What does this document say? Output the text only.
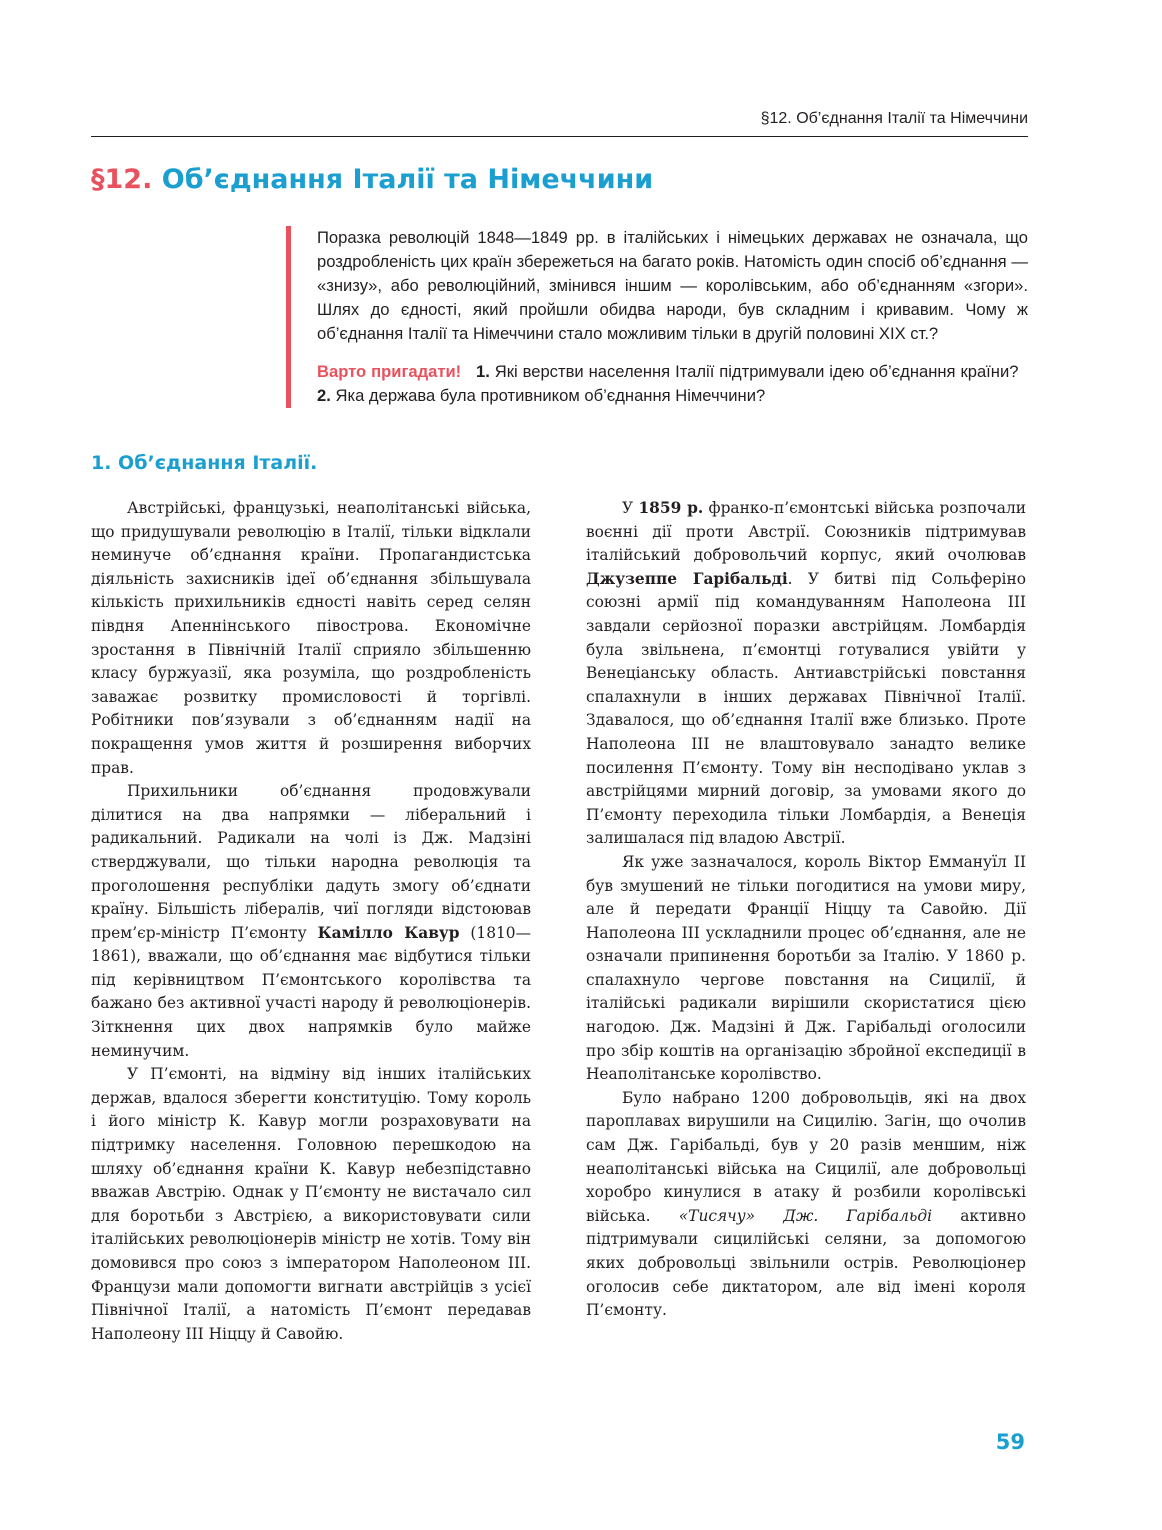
§12. Об’єднання Італії та Німеччини
§12. Об’єднання Італії та Німеччини

Поразка революцій 1848—1849 рр. в італійських і німецьких державах не означала, що роздробленість цих країн збережеться на багато років. Натомість один спосіб об’єднання — «знизу», або революційний, змінився іншим — королівським, або об’єднанням «згори». Шлях до єдності, який пройшли обидва народи, був складним і кривавим. Чому ж об’єднання Італії та Німеччини стало можливим тільки в другій половині XIX ст.?

Варто пригадати! 1. Які верстви населення Італії підтримували ідею об’єднання країни?   2. Яка держава була противником об’єднання Німеччини?

1. Об’єднання Італії.

Австрійські, французькі, неаполітанські війська, що придушували революцію в Італії, тільки відклали неминуче об’єднання країни. Пропагандистська діяльність захисників ідеї об’єднання збільшувала кількість прихильників єдності навіть серед селян півдня Апеннінського півострова. Економічне зростання в Північній Італії сприяло збільшенню класу буржуазії, яка розуміла, що роздробленість заважає розвитку промисловості й торгівлі. Робітники пов’язували з об’єднанням надії на покращення умов життя й розширення виборчих прав.

Прихильники об’єднання продовжували ділитися на два напрямки — ліберальний і радикальний. Радикали на чолі із Дж. Мадзіні стверджували, що тільки народна революція та проголошення республіки дадуть змогу об’єднати країну. Більшість лібералів, чиї погляди відстоював прем’єр-міністр П’ємонту Камілло Кавур (1810—1861), вважали, що об’єднання має відбутися тільки під керівництвом П’ємонтського королівства та бажано без активної участі народу й революціонерів. Зіткнення цих двох напрямків було майже неминучим.

У П’ємонті, на відміну від інших італійських держав, вдалося зберегти конституцію. Тому король і його міністр К. Кавур могли розраховувати на підтримку населення. Головною перешкодою на шляху об’єднання країни К. Кавур небезпідставно вважав Австрію. Однак у П’ємонту не вистачало сил для боротьби з Австрією, а використовувати сили італійських революціонерів міністр не хотів. Тому він домовився про союз з імператором Наполеоном III. Французи мали допомогти вигнати австрійців з усієї Північної Італії, а натомість П’ємонт передавав Наполеону III Ніццу й Савойю.

У 1859 р. франко-п’ємонтські війська розпочали воєнні дії проти Австрії. Союзників підтримував італійський добровольчий корпус, який очолював Джузеппе Гарібальді. У битві під Сольферіно союзні армії під командуванням Наполеона III завдали серйозної поразки австрійцям. Ломбардія була звільнена, п’ємонтці готувалися увійти у Венеціанську область. Антиавстрійські повстання спалахнули в інших державах Північної Італії. Здавалося, що об’єднання Італії вже близько. Проте Наполеона III не влаштовувало занадто велике посилення П’ємонту. Тому він несподівано уклав з австрійцями мирний договір, за умовами якого до П’ємонту переходила тільки Ломбардія, а Венеція залишалася під владою Австрії.

Як уже зазначалося, король Віктор Еммануїл II був змушений не тільки погодитися на умови миру, але й передати Франції Ніццу та Савойю. Дії Наполеона III ускладнили процес об’єднання, але не означали припинення боротьби за Італію. У 1860 р. спалахнуло чергове повстання на Сицилії, й італійські радикали вирішили скористатися цією нагодою. Дж. Мадзіні й Дж. Гарібальді оголосили про збір коштів на організацію збройної експедиції в Неаполітанське королівство.

Було набрано 1200 добровольців, які на двох пароплавах вирушили на Сицилію. Загін, що очолив сам Дж. Гарібальді, був у 20 разів меншим, ніж неаполітанські війська на Сицилії, але добровольці хоробро кинулися в атаку й розбили королівські війська. «Тисячу» Дж. Гарібальді активно підтримували сицилійські селяни, за допомогою яких добровольці звільнили острів. Революціонер оголосив себе диктатором, але від імені короля П’ємонту.

59
